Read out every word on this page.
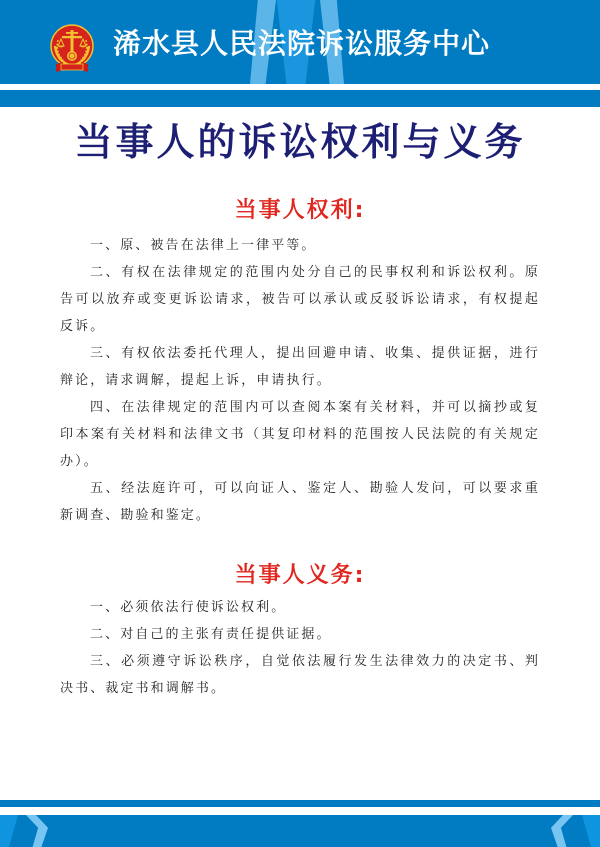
浠水县人民法院诉讼服务中心
当事人的诉讼权利与义务
当事人权利:

一、原、被告在法律上一律平等。

二、有权在法律规定的范围内处分自己的民事权利和诉讼权利。原告可以放弃或变更诉讼请求，被告可以承认或反驳诉讼请求，有权提起反诉。

三、有权依法委托代理人，提出回避申请、收集、提供证据，进行辩论，请求调解，提起上诉，申请执行。

四、在法律规定的范围内可以查阅本案有关材料，并可以摘抄或复印本案有关材料和法律文书（其复印材料的范围按人民法院的有关规定办）。

五、经法庭许可，可以向证人、鉴定人、勘验人发问，可以要求重新调查、勘验和鉴定。

当事人义务:

一、必须依法行使诉讼权利。

二、对自己的主张有责任提供证据。

三、必须遵守诉讼秩序，自觉依法履行发生法律效力的决定书、判决书、裁定书和调解书。
